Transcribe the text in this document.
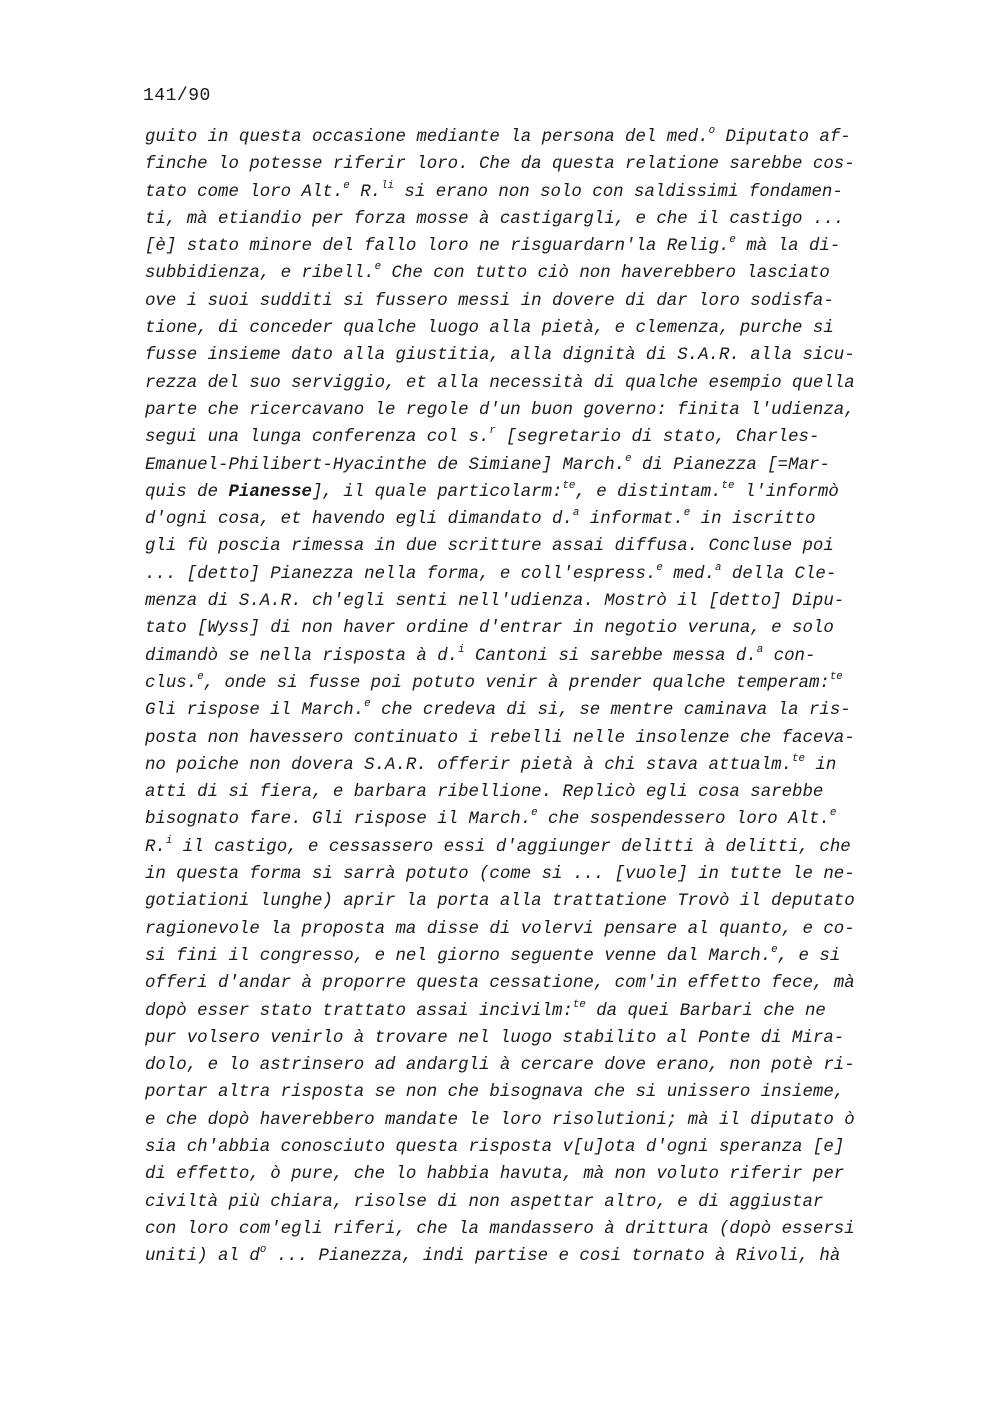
141/90
guito in questa occasione mediante la persona del med.$^o$ Diputato af-
finche lo potesse riferir loro. Che da questa relatione sarebbe cos-
tato come loro Alt.$^e$ R.$^{li}$ si erano non solo con saldissimi fondamen-
ti, mà etiandio per forza mosse à castigargli, e che il castigo ...
[è] stato minore del fallo loro ne risguardarn'la Relig.$^e$ mà la di-
subbidienza, e ribell.$^e$ Che con tutto ciò non haverebbero lasciato
ove i suoi sudditi si fussero messi in dovere di dar loro sodisfa-
tione, di conceder qualche luogo alla pietà, e clemenza, purche si
fusse insieme dato alla giustitia, alla dignità di S.A.R. alla sicu-
rezza del suo serviggio, et alla necessità di qualche esempio quella
parte che ricercavano le regole d'un buon governo: finita l'udienza,
segui una lunga conferenza col s.$^r$ [segretario di stato, Charles-
Emanuel-Philibert-Hyacinthe de Simiane] March.$^e$ di Pianezza [=Mar-
quis de Pianesse], il quale particolarm:$^{te}$, e distintam.$^{te}$ l'informò
d'ogni cosa, et havendo egli dimandato d.$^a$ informat.$^e$ in iscritto
gli fù poscia rimessa in due scritture assai diffusa. Concluse poi
... [detto] Pianezza nella forma, e coll'espress.$^e$ med.$^a$ della Cle-
menza di S.A.R. ch'egli senti nell'udienza. Mostrò il [detto] Dipu-
tato [Wyss] di non haver ordine d'entrar in negotio veruna, e solo
dimandò se nella risposta à d.$^i$ Cantoni si sarebbe messa d.$^a$ con-
clus.$^e$, onde si fusse poi potuto venir à prender qualche temperam:$^{te}$
Gli rispose il March.$^e$ che credeva di si, se mentre caminava la ris-
posta non havessero continuato i rebelli nelle insolenze che faceva-
no poiche non dovera S.A.R. offerir pietà à chi stava attualm.$^{te}$ in
atti di si fiera, e barbara ribellione. Replicò egli cosa sarebbe
bisognato fare. Gli rispose il March.$^e$ che sospendessero loro Alt.$^e$
R.$^i$ il castigo, e cessassero essi d'aggiunger delitti à delitti, che
in questa forma si sarrà potuto (come si ... [vuole] in tutte le ne-
gotiationi lunghe) aprir la porta alla trattatione Trovò il deputato
ragionevole la proposta ma disse di volervi pensare al quanto, e co-
si fini il congresso, e nel giorno seguente venne dal March.$^e$, e si
offeri d'andar à proporre questa cessatione, com'in effetto fece, mà
dopò esser stato trattato assai incivilm:$^{te}$ da quei Barbari che ne
pur volsero venirlo à trovare nel luogo stabilito al Ponte di Mira-
dolo, e lo astrinsero ad andargli à cercare dove erano, non potè ri-
portar altra risposta se non che bisognava che si unissero insieme,
e che dopò haverebbero mandate le loro risolutioni; mà il diputato ò
sia ch'abbia conosciuto questa risposta v[u]ota d'ogni speranza [e]
di effetto, ò pure, che lo habbia havuta, mà non voluto riferir per
civiltà più chiara, risolse di non aspettar altro, e di aggiustar
con loro com'egli riferi, che la mandassero à drittura (dopò essersi
uniti) al $d^o$ ... Pianezza, indi partise e cosi tornato à Rivoli, hà
